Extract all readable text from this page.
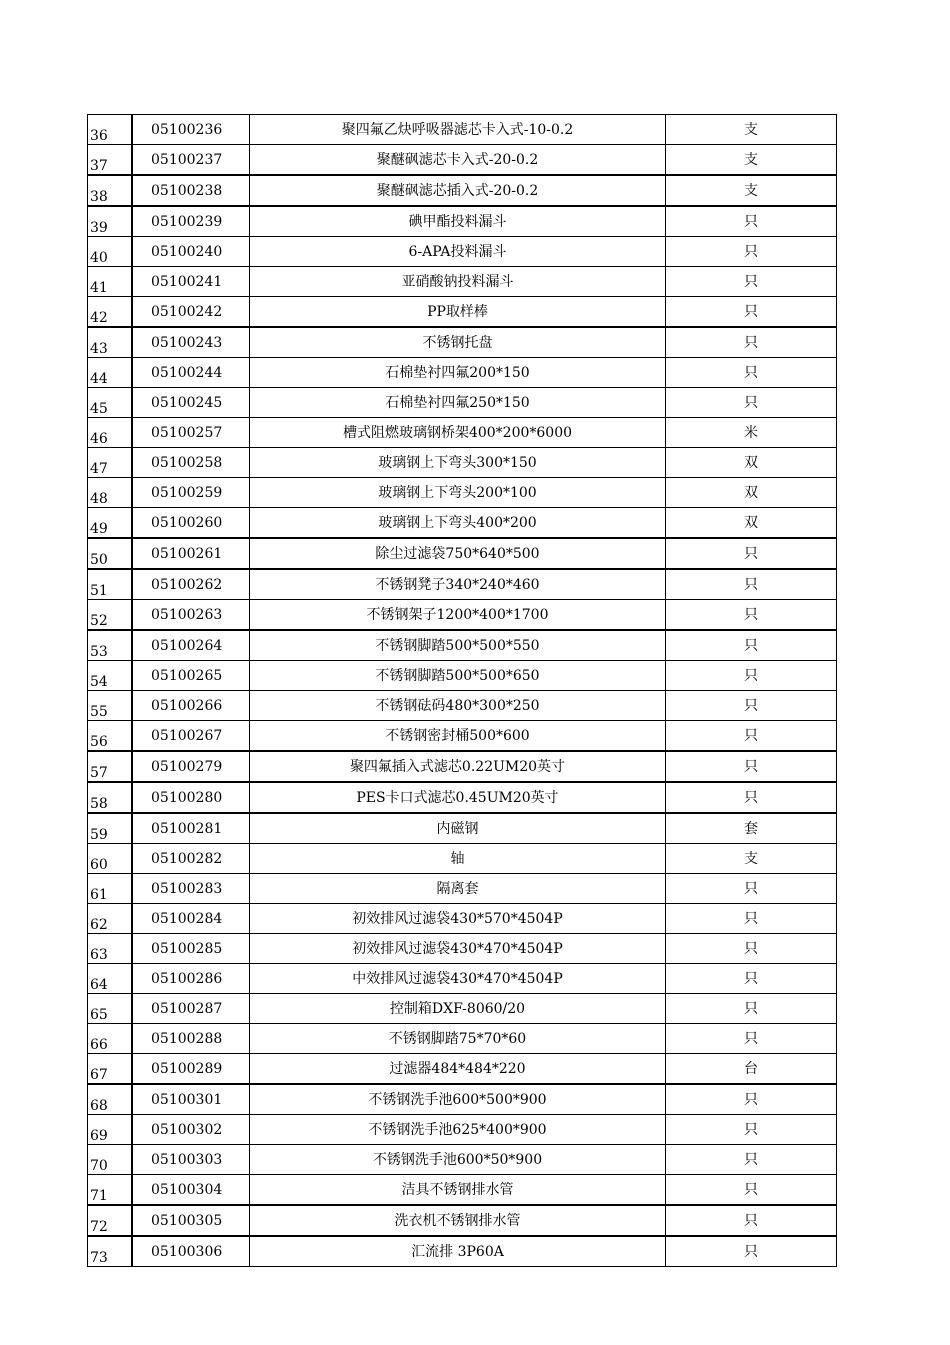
36	05100236	聚四氟乙炔呼吸器滤芯卡入式-10-0.2	支
37	05100237	聚醚砜滤芯卡入式-20-0.2	支
38	05100238	聚醚砜滤芯插入式-20-0.2	支
39	05100239	碘甲酯投料漏斗	只
40	05100240	6-APA投料漏斗	只
41	05100241	亚硝酸钠投料漏斗	只
42	05100242	PP取样棒	只
43	05100243	不锈钢托盘	只
44	05100244	石棉垫衬四氟200*150	只
45	05100245	石棉垫衬四氟250*150	只
46	05100257	槽式阻燃玻璃钢桥架400*200*6000	米
47	05100258	玻璃钢上下弯头300*150	双
48	05100259	玻璃钢上下弯头200*100	双
49	05100260	玻璃钢上下弯头400*200	双
50	05100261	除尘过滤袋750*640*500	只
51	05100262	不锈钢凳子340*240*460	只
52	05100263	不锈钢架子1200*400*1700	只
53	05100264	不锈钢脚踏500*500*550	只
54	05100265	不锈钢脚踏500*500*650	只
55	05100266	不锈钢砝码480*300*250	只
56	05100267	不锈钢密封桶500*600	只
57	05100279	聚四氟插入式滤芯0.22UM20英寸	只
58	05100280	PES卡口式滤芯0.45UM20英寸	只
59	05100281	内磁钢	套
60	05100282	轴	支
61	05100283	隔离套	只
62	05100284	初效排风过滤袋430*570*4504P	只
63	05100285	初效排风过滤袋430*470*4504P	只
64	05100286	中效排风过滤袋430*470*4504P	只
65	05100287	控制箱DXF-8060/20	只
66	05100288	不锈钢脚踏75*70*60	只
67	05100289	过滤器484*484*220	台
68	05100301	不锈钢洗手池600*500*900	只
69	05100302	不锈钢洗手池625*400*900	只
70	05100303	不锈钢洗手池600*50*900	只
71	05100304	洁具不锈钢排水管	只
72	05100305	洗衣机不锈钢排水管	只
73	05100306	汇流排 3P60A	只
